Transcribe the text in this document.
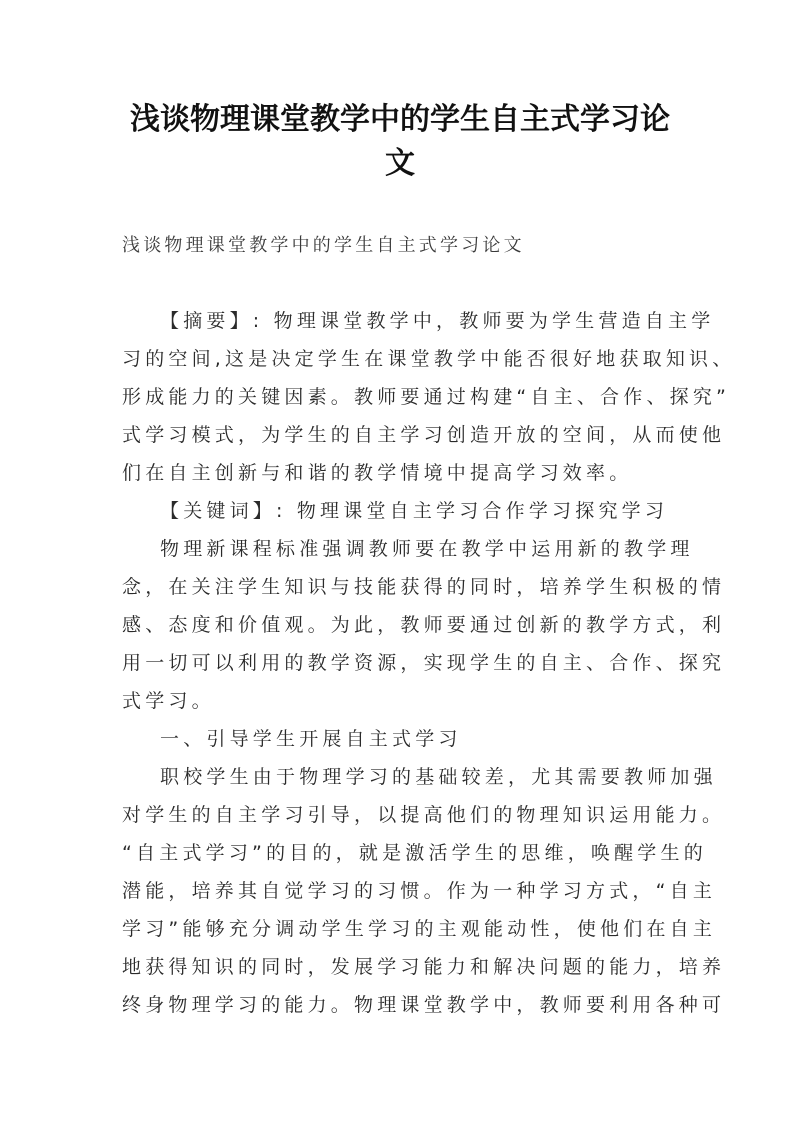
浅谈物理课堂教学中的学生自主式学习论
文
浅谈物理课堂教学中的学生自主式学习论文
【摘要】: 物理课堂教学中，教师要为学生营造自主学
习的空间,这是决定学生在课堂教学中能否很好地获取知识、
形成能力的关键因素。教师要通过构建“自主、合作、探究”
式学习模式，为学生的自主学习创造开放的空间，从而使他
们在自主创新与和谐的教学情境中提高学习效率。
【关键词】: 物理课堂自主学习合作学习探究学习
物理新课程标准强调教师要在教学中运用新的教学理
念，在关注学生知识与技能获得的同时，培养学生积极的情
感、态度和价值观。为此，教师要通过创新的教学方式，利
用一切可以利用的教学资源，实现学生的自主、合作、探究
式学习。
一、引导学生开展自主式学习
职校学生由于物理学习的基础较差，尤其需要教师加强
对学生的自主学习引导，以提高他们的物理知识运用能力。
“自主式学习”的目的，就是激活学生的思维，唤醒学生的
潜能，培养其自觉学习的习惯。作为一种学习方式，“自主
学习”能够充分调动学生学习的主观能动性，使他们在自主
地获得知识的同时，发展学习能力和解决问题的能力，培养
终身物理学习的能力。物理课堂教学中，教师要利用各种可
